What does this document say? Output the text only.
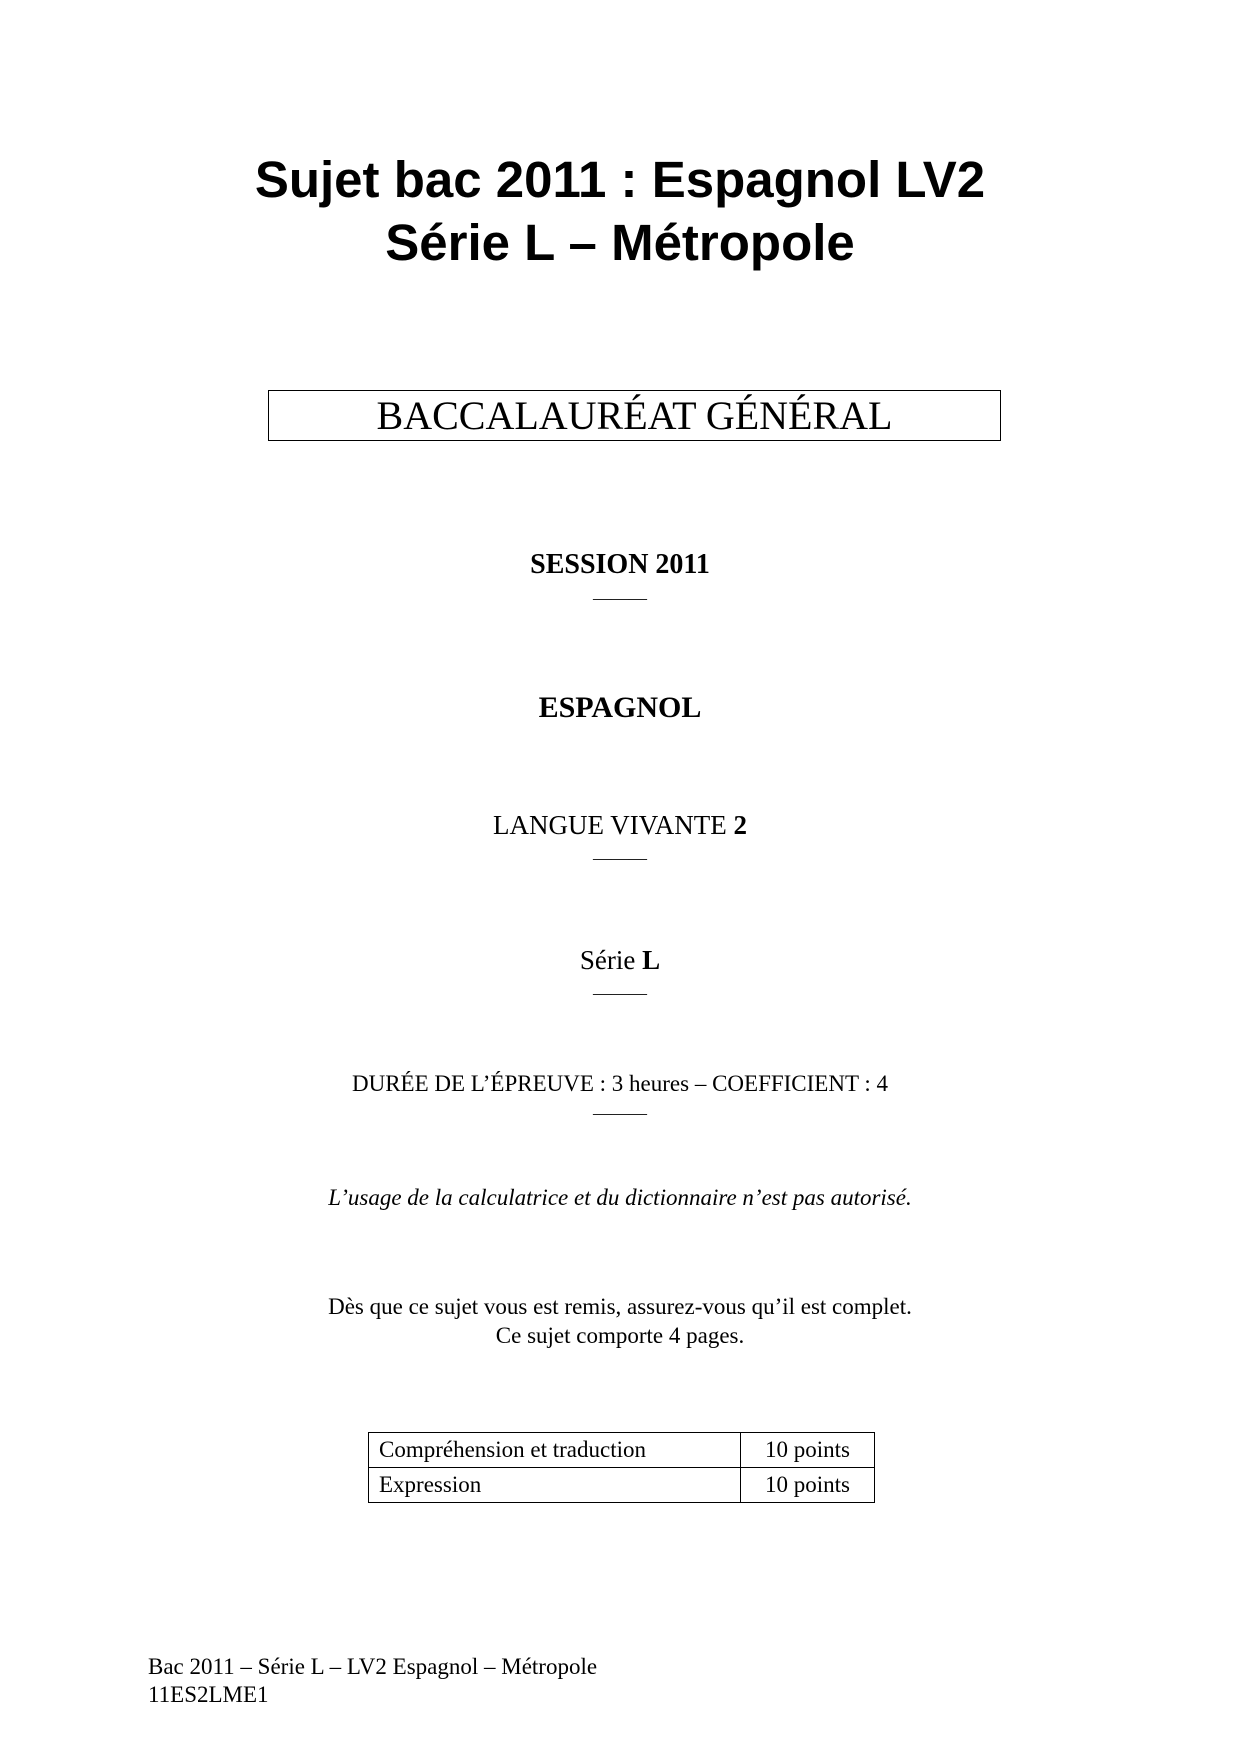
Sujet bac 2011 : Espagnol LV2
Série L – Métropole
BACCALAURÉAT GÉNÉRAL
SESSION 2011
———
ESPAGNOL
LANGUE VIVANTE 2
———
Série L
———
DURÉE DE L’ÉPREUVE : 3 heures – COEFFICIENT : 4
———
L’usage de la calculatrice et du dictionnaire n’est pas autorisé.
Dès que ce sujet vous est remis, assurez-vous qu’il est complet.
Ce sujet comporte 4 pages.
Compréhension et traduction	10 points
Expression	10 points
Bac 2011 – Série L – LV2 Espagnol – Métropole
11ES2LME1
